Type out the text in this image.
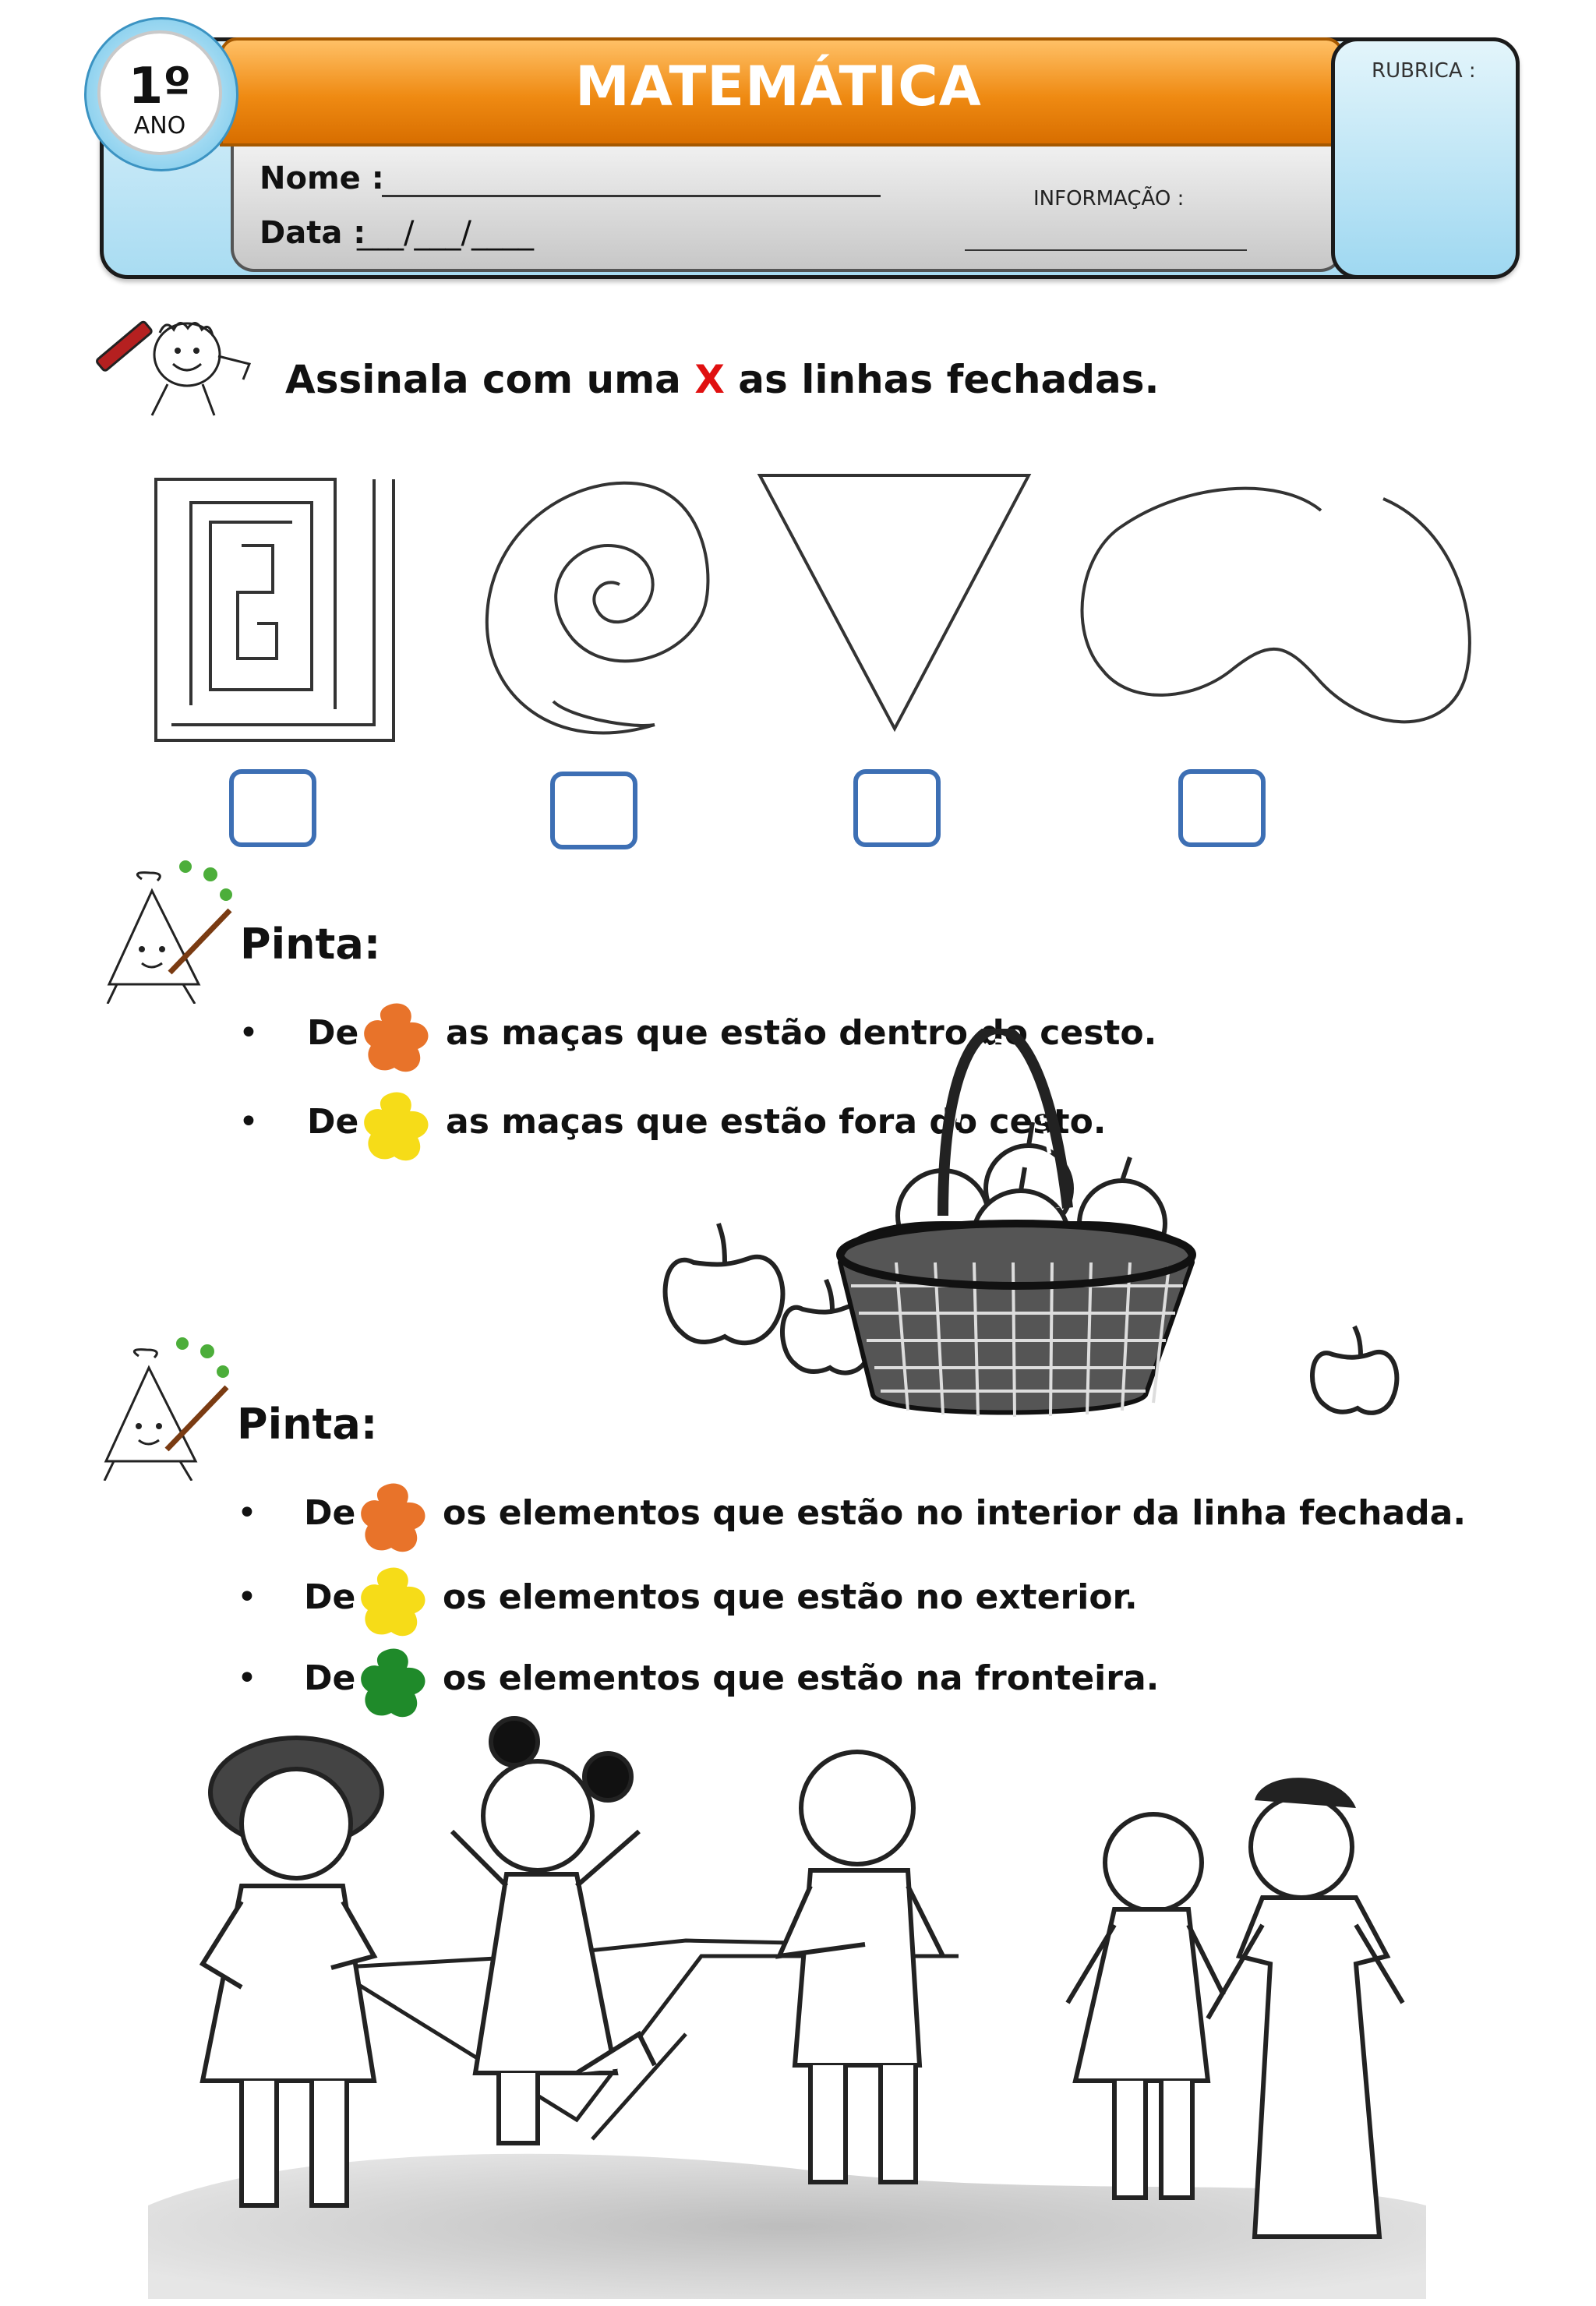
MATEMÁTICA	RUBRICA :
1º
ANO
Nome :
Data :
___/___/____
INFORMAÇÃO :
Assinala com uma X as linhas fechadas.
Pinta:
• De	as maças que estão dentro do cesto.
• De	as maças que estão fora do cesto.
Pinta:
• De	os elementos que estão no interior da linha fechada.
• De	os elementos que estão no exterior.
• De	os elementos que estão na fronteira.
